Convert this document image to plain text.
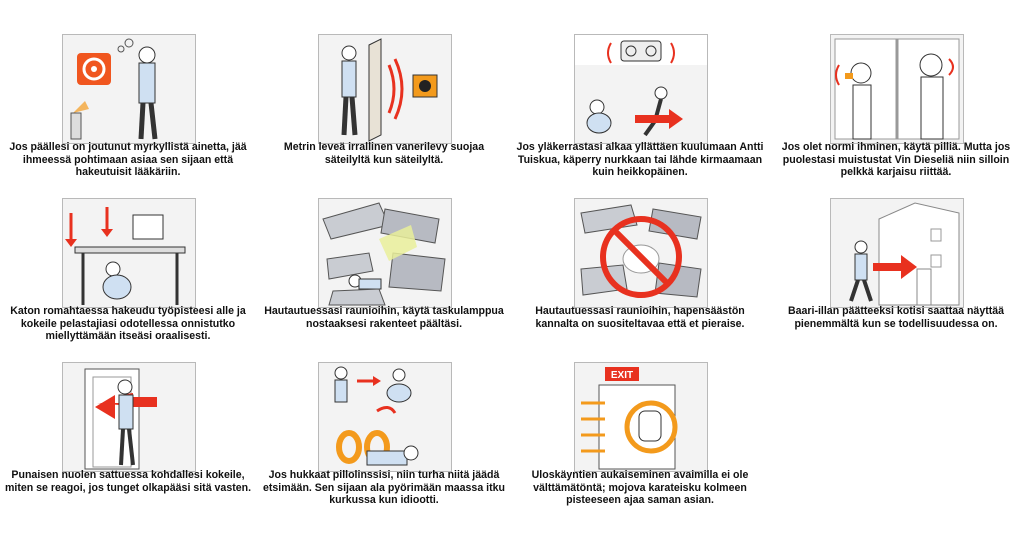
Jos päällesi on joutunut myrkyllistä ainetta, jää ihmeessä pohtimaan asiaa sen sijaan että hakeutuisit lääkäriin.
Metrin leveä irrallinen vanerilevy suojaa säteilyltä kun säteilyltä.
Jos yläkerrastasi alkaa yllättäen kuulumaan Antti Tuiskua, käperry nurkkaan tai lähde kirmaamaan kuin heikkopäinen.
Jos olet normi ihminen, käytä pilliä. Mutta jos puolestasi muistustat Vin Dieseliä niin silloin pelkkä karjaisu riittää.
Katon romahtaessa hakeudu työpisteesi alle ja kokeile pelastajiasi odotellessa onnistutko miellyttämään itseäsi oraalisesti.
Hautautuessasi raunioihin, käytä taskulamppua nostaaksesi rakenteet päältäsi.
Hautautuessasi raunioihin, hapensäästön kannalta on suositeltavaa että et pieraise.
Baari-illan päätteeksi kotisi saattaa näyttää pienemmältä kun se todellisuudessa on.
Punaisen nuolen sattuessa kohdallesi kokeile, miten se reagoi, jos tunget olkapääsi sitä vasten.
Jos hukkaat pillolinssisi, niin turha niitä jäädä etsimään. Sen sijaan ala pyörimään maassa itku kurkussa kun idiootti.
EXIT
Uloskäyntien aukaiseminen avaimilla ei ole välttämätöntä; mojova karateisku kolmeen pisteeseen ajaa saman asian.
